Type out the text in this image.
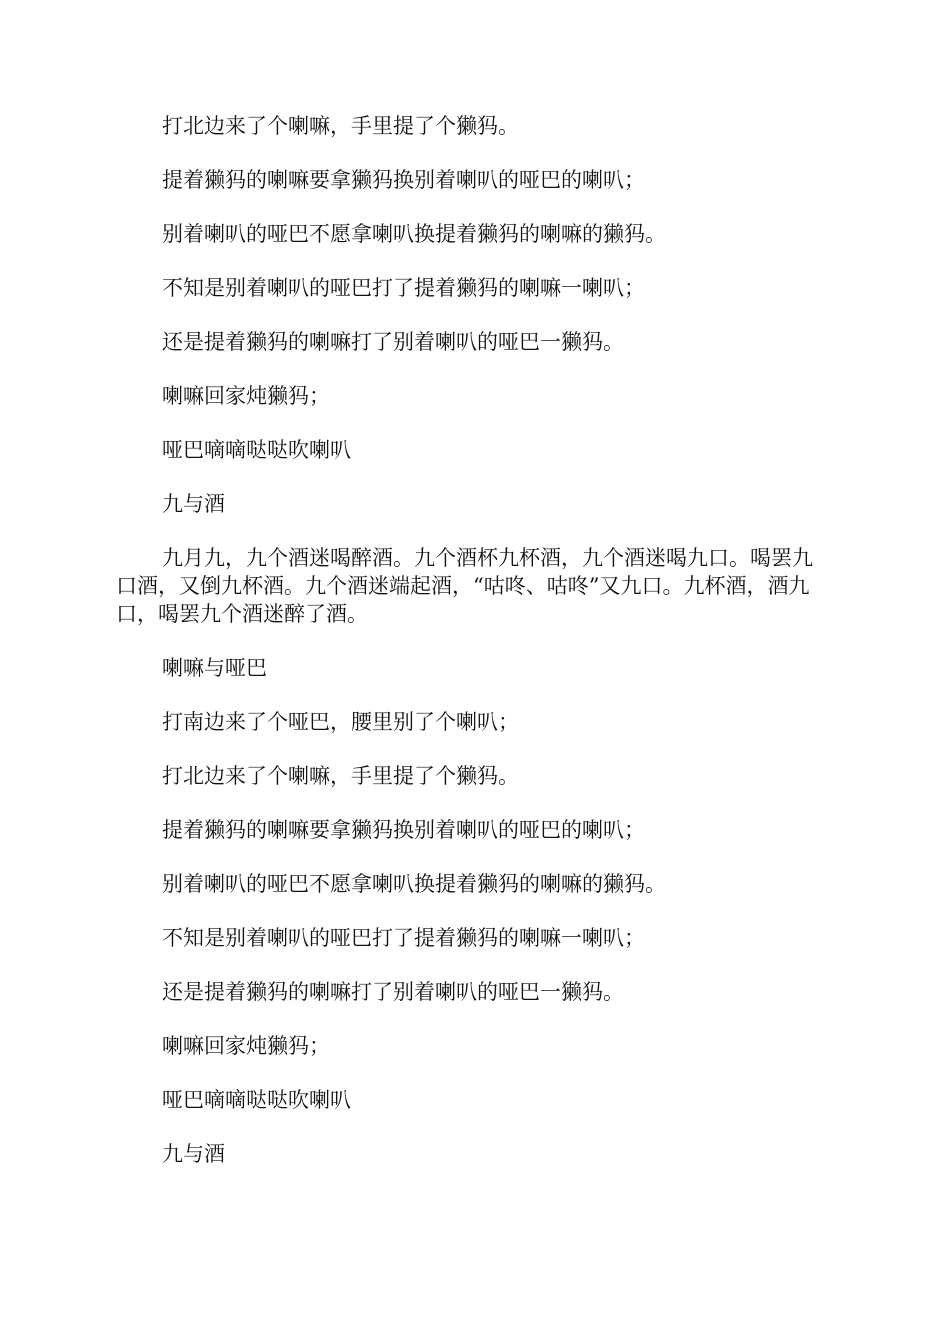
打北边来了个喇嘛，手里提了个獭犸。

提着獭犸的喇嘛要拿獭犸换别着喇叭的哑巴的喇叭；

别着喇叭的哑巴不愿拿喇叭换提着獭犸的喇嘛的獭犸。

不知是别着喇叭的哑巴打了提着獭犸的喇嘛一喇叭；

还是提着獭犸的喇嘛打了别着喇叭的哑巴一獭犸。

喇嘛回家炖獭犸；

哑巴嘀嘀哒哒吹喇叭

九与酒

九月九，九个酒迷喝醉酒。九个酒杯九杯酒，九个酒迷喝九口。喝罢九口酒，又倒九杯酒。九个酒迷端起酒，“咕咚、咕咚”又九口。九杯酒，酒九口，喝罢九个酒迷醉了酒。

喇嘛与哑巴

打南边来了个哑巴，腰里别了个喇叭；

打北边来了个喇嘛，手里提了个獭犸。

提着獭犸的喇嘛要拿獭犸换别着喇叭的哑巴的喇叭；

别着喇叭的哑巴不愿拿喇叭换提着獭犸的喇嘛的獭犸。

不知是别着喇叭的哑巴打了提着獭犸的喇嘛一喇叭；

还是提着獭犸的喇嘛打了别着喇叭的哑巴一獭犸。

喇嘛回家炖獭犸；

哑巴嘀嘀哒哒吹喇叭

九与酒
